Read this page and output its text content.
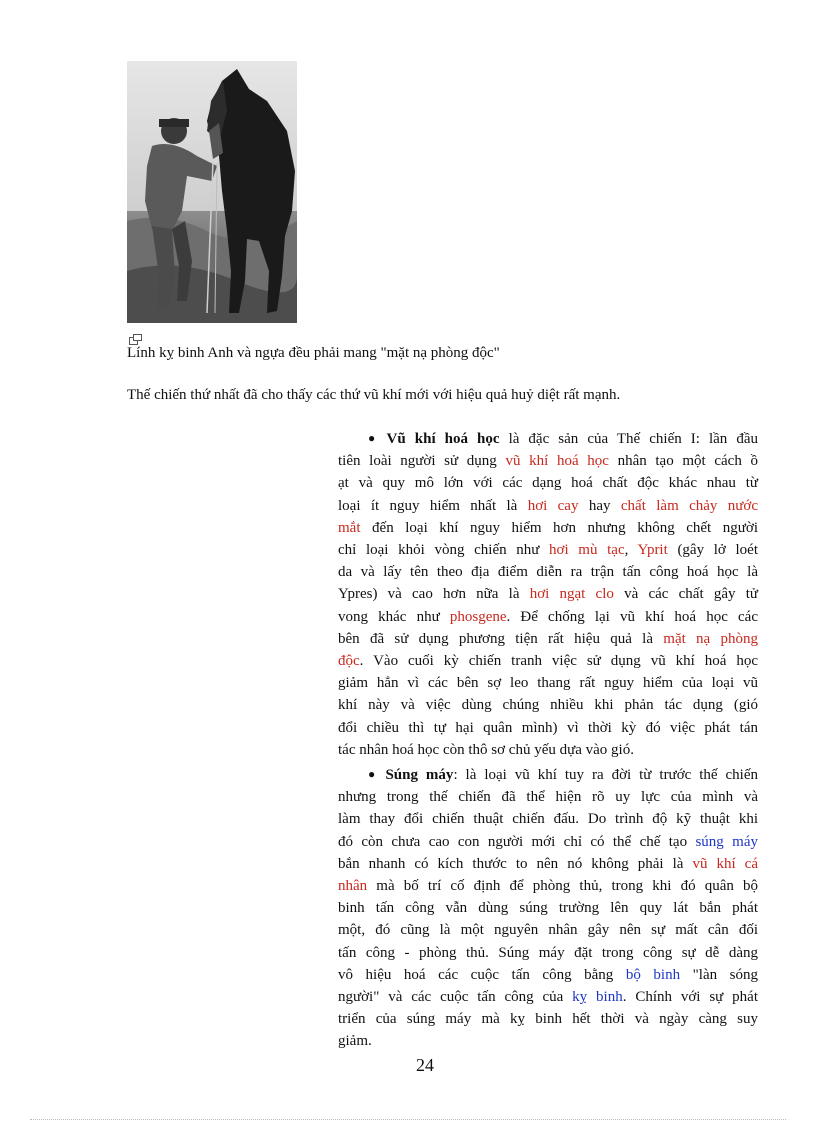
Lính kỵ binh Anh và ngựa đều phải mang "mặt nạ phòng độc"
Thế chiến thứ nhất đã cho thấy các thứ vũ khí mới với hiệu quả huỷ diệt rất mạnh.
● Vũ khí hoá học là đặc sản của Thế chiến I: lần đầu
tiên loài người sử dụng vũ khí hoá học nhân tạo một cách ồ
ạt và quy mô lớn với các dạng hoá chất độc khác nhau từ
loại ít nguy hiểm nhất là hơi cay hay chất làm chảy nước
mắt đến loại khí nguy hiểm hơn nhưng không chết người
chỉ loại khỏi vòng chiến như hơi mù tạc, Yprit (gây lở loét
da và lấy tên theo địa điểm diễn ra trận tấn công hoá học là
Ypres) và cao hơn nữa là hơi ngạt clo và các chất gây tử
vong khác như phosgene. Để chống lại vũ khí hoá học các
bên đã sử dụng phương tiện rất hiệu quả là mặt nạ phòng
độc. Vào cuối kỳ chiến tranh việc sử dụng vũ khí hoá học
giảm hẳn vì các bên sợ leo thang rất nguy hiểm của loại vũ
khí này và việc dùng chúng nhiều khi phản tác dụng (gió
đổi chiều thì tự hại quân mình) vì thời kỳ đó việc phát tán
tác nhân hoá học còn thô sơ chủ yếu dựa vào gió.
● Súng máy: là loại vũ khí tuy ra đời từ trước thế chiến
nhưng trong thế chiến đã thể hiện rõ uy lực của mình và
làm thay đổi chiến thuật chiến đấu. Do trình độ kỹ thuật khi
đó còn chưa cao con người mới chỉ có thể chế tạo súng máy
bắn nhanh có kích thước to nên nó không phải là vũ khí cá
nhân mà bố trí cố định để phòng thủ, trong khi đó quân bộ
binh tấn công vẫn dùng súng trường lên quy lát bắn phát
một, đó cũng là một nguyên nhân gây nên sự mất cân đối
tấn công - phòng thủ. Súng máy đặt trong công sự dễ dàng
vô hiệu hoá các cuộc tấn công bằng bộ binh "làn sóng
người" và các cuộc tấn công của kỵ binh. Chính với sự phát
triển của súng máy mà kỵ binh hết thời và ngày càng suy
giảm.
24
